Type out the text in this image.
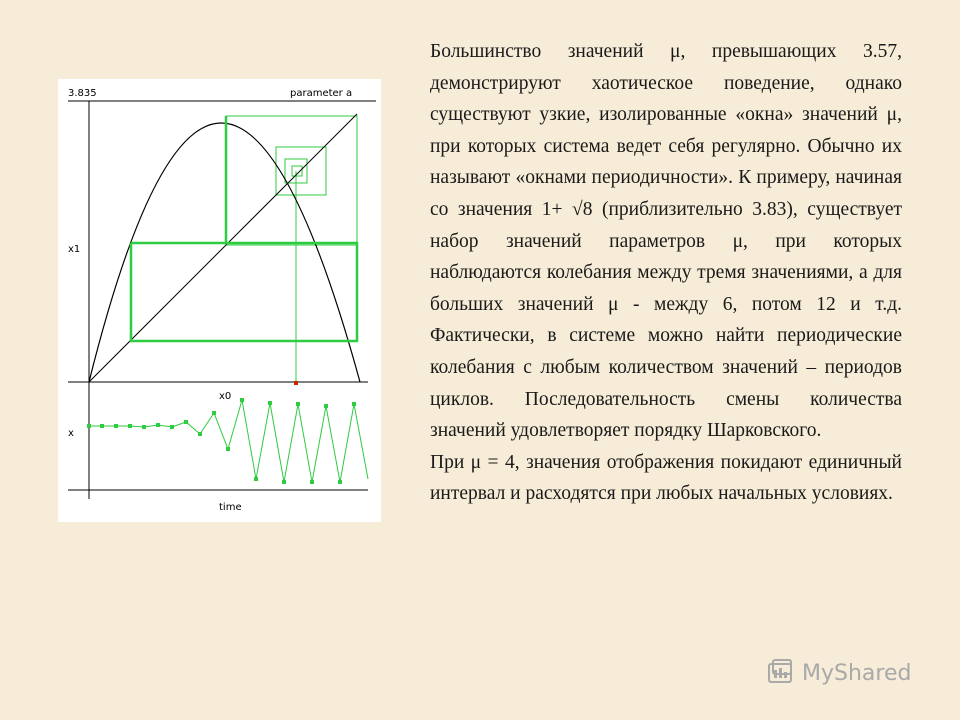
3.835	parameter a
x1
x0
x
time

Большинство значений μ, превышающих 3.57, демонстрируют хаотическое поведение, однако существуют узкие, изолированные «окна» значений μ, при которых система ведет себя регулярно. Обычно их называют «окнами периодичности». К примеру, начиная со значения 1+ √8 (приблизительно 3.83), существует набор значений параметров μ, при которых наблюдаются колебания между тремя значениями, а для больших значений μ - между 6, потом 12 и т.д. Фактически, в системе можно найти периодические колебания с любым количеством значений – периодов циклов. Последовательность смены количества значений удовлетворяет порядку Шарковского.

При μ = 4, значения отображения покидают единичный интервал и расходятся при любых начальных условиях.

MyShared
